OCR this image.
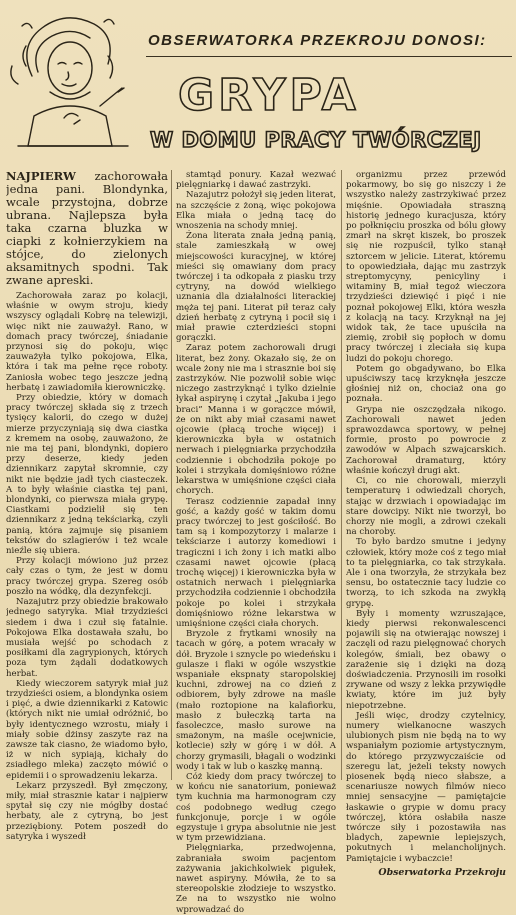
OBSERWATORKA PRZEKROJU DONOSI:
GRYPA
W DOMU PRACY TWÓRCZEJ
NAJPIERW zachorowała jedna pani. Blondynka, wcale przystojna, dobrze ubrana. Najlepsza była taka czarna bluzka w ciapki z kołnierzykiem na stójce, do zielonych aksamitnych spodni. Tak zwane apreski.

Zachorowała zaraz po kolacji, właśnie w owym stroju, kiedy wszyscy oglądali Kobrę na telewizji, więc nikt nie zauważył. Rano, w domach pracy twórczej, śniadanie przynosi się do pokoju, więc zauważyła tylko pokojowa, Elka, która i tak ma pełne ręce roboty. Zaniosła wobec tego jeszcze jedną herbatę i zawiadomiła kierowniczkę.

Przy obiedzie, który w domach pracy twórczej składa się z trzech tysięcy kalorii, do czego w dużej mierze przyczyniają się dwa ciastka z kremem na osobę, zauważono, że nie ma tej pani, blondynki, dopiero przy deserze, kiedy jeden dziennikarz zapytał skromnie, czy nikt nie będzie jadł tych ciasteczek. A to były właśnie ciastka tej pani, blondynki, co pierwsza miała grypę. Ciastkami podzielił się ten dziennikarz z jedną tekściarką, czyli panią, która zajmuje się pisaniem tekstów do szlagierów i też wcale nieźle się ubiera.

Przy kolacji mówiono już przez cały czas o tym, że jest w domu pracy twórczej grypa. Szereg osób poszło na wódkę, dla dezynfekcji.

Nazajutrz przy obiedzie brakowało jednego satyryka. Miał trzydzieści siedem i dwa i czuł się fatalnie. Pokojowa Elka dostawała szału, bo musiała wejść po schodach z posiłkami dla zagrypionych, których poza tym żądali dodatkowych herbat.

Kiedy wieczorem satyryk miał już trzydzieści osiem, a blondynka osiem i pięć, a dwie dziennikarki z Katowic (których nikt nie umiał odróżnić, bo były identycznego wzrostu, miały i miały sobie dżinsy zaszyte raz na zawsze tak ciasno, że wiadomo było, iż w nich sypiają, kichały do zsiadłego mleka) zaczęto mówić o epidemii i o sprowadzeniu lekarza.

Lekarz przyszedł. Był zmęczony, miły, miał strasznie katar i najpierw spytał się czy nie mógłby dostać herbaty, ale z cytryną, bo jest przeziębiony. Potem poszedł do satyryka i wyszedł

stamtąd ponury. Kazał wezwać pielęgniarkę i dawać zastrzyki.

Nazajutrz położył się jeden literat, na szczęście z żoną, więc pokojowa Elka miała o jedną tacę do wnoszenia na schody mniej.

Żona literata znała jedną panią, stale zamieszkałą w owej miejscowości kuracyjnej, w której mieści się omawiany dom pracy twórczej i ta odkopała z piasku trzy cytryny, na dowód wielkiego uznania dla działalności literackiej męża tej pani. Literat pił teraz cały dzień herbatę z cytryną i pocił się i miał prawie czterdzieści stopni gorączki.

Zaraz potem zachorowali drugi literat, bez żony. Okazało się, że on wcale żony nie ma i strasznie boi się zastrzyków. Nie pozwolił sobie więc niczego zastrzyknąć i tylko dzielnie łykał aspirynę i czytał „Jakuba i jego braci” Manna i w gorączce mówił, że on nikt aby miał czasami nawet ojcowie (płacą troche więcej) i kierowniczka była w ostatnich nerwach i pielęgniarka przychodziła codziennie i obchodziła pokoje po kolei i strzykała domięśniowo różne lekarstwa w umięśnione części ciała chorych.

Terasz codziennie zapadał inny gość, a każdy gość w takim domu pracy twórczej to jest gościłość. Bo tam są i kompozytorzy i malarze i tekściarze i autorzy komediowi i tragiczni i ich żony i ich matki albo czasami nawet ojcowie (płacą trochę więcej) i kierowniczka była w ostatnich nerwach i pielęgniarka przychodziła codziennie i obchodziła pokoje po kolei i strzykała domięśniowo różne lekarstwa w umięśnione części ciała chorych.

Bryzole z frytkami wnosiły na tacach w górę, a potem wracały w dół. Bryzole i sznycle po wiedeńsku i gulasze i flaki w ogóle wszystkie wspaniałe ekspnaty staropolskiej kuchni, zdrowej na co dzień z odbiorem, były zdrowe na maśle (mało roztopione na kalafiorku, masło z bułeczką tarta na fasoleczce, masło surowe na smażonym, na maśle ocejwnicie, kotlecie) szły w górę i w dół. A chorzy grymasili, błagali o wodzinki wody i tak w lub o kaszkę manną.

Cóż kiedy dom pracy twórczej to w końcu nie sanatorium, ponieważ tym kuchnia ma harmonogram czy coś podobnego według czego funkcjonuje, porcje i w ogóle egzystuje i grypa absolutnie nie jest w tym przewidziana.

Pielęgniarka, przedwojenna, zabraniała swoim pacjentom zażywania jakichkolwiek pigułek, nawet aspiryny. Mówiła, że to sa stereopolskie złodzieje to wszystko. Ze na to wszystko nie wolno wprowadzać do

organizmu przez przewód pokarmowy, bo się go niszczy i że wszystko należy zastrzykiwać przez mięśnie. Opowiadała straszną historię jednego kuracjusza, który po połknięciu proszka od bólu głowy zmarł na skręt kiszek, bo proszek się nie rozpuścił, tylko stanął sztorcem w jelicie. Literat, któremu to opowiedziała, dając mu zastrzyk streptomycyny, penicyliny i witaminy B, miał tegoż wieczora trzydzieści dziewięć i pięć i nie poznał pokojowej Elki, która weszła z kolacją na tacy. Krzyknął na jej widok tak, że tace upuściła na ziemię, zrobił się popłoch w domu pracy twórczej i zleciała się kupa ludzi do pokoju chorego.

Potem go obgadywano, bo Elka upuściwszy tacę krzyknęła jeszcze głośniej niż on, chociaż ona go poznała.

Grypa nie oszczędzała nikogo. Zachorowali nawet jeden sprawozdawca sportowy, w pełnej formie, prosto po powrocie z zawodów w Alpach szwajcarskich. Zachorował dramaturg, który właśnie kończył drugi akt.

Ci, co nie chorowali, mierzyli temperaturę i odwiedzali chorych, stając w drzwiach i opowiadając im stare dowcipy. Nikt nie tworzył, bo chorzy nie mogli, a zdrowi czekali na choroby.

To było bardzo smutne i jedyny człowiek, który może coś z tego miał to ta pielęgniarka, co tak strzykała. Ale i ona tworzyła, że strzykała bez sensu, bo ostatecznie tacy ludzie co tworzą, to ich szkoda na zwykłą grypę.

Były i momenty wzruszające, kiedy pierwsi rekonwalescenci pojawili się na otwierając nowszej i zaczęli od razu pielęgnować chorych kolegów, śmiali, bez obawy o zarażenie się i dzięki na dozą doświadczenia. Przynosili im rosołki zrywane od wszy z lekka przywiędłe kwiaty, które im już były niepotrzebne.

Jeśli więc, drodzy czytelnicy, numery wielkanocne waszych ulubionych pism nie będą na to wy wspaniałym poziomie artystycznym, do którego przyzwyczaiście od szeregu lat, jeżeli teksty nowych piosenek będą nieco słabsze, a scenariusze nowych filmów nieco mniej sensacyjne — pamiętajcie łaskawie o grypie w domu pracy twórczej, która osłabiła nasze twórcze siły i pozostawiła nas bladych, zapewnie lepiejszych, pokutnych i melancholijnych. Pamiętajcie i wybaczcie!

Obserwatorka Przekroju
